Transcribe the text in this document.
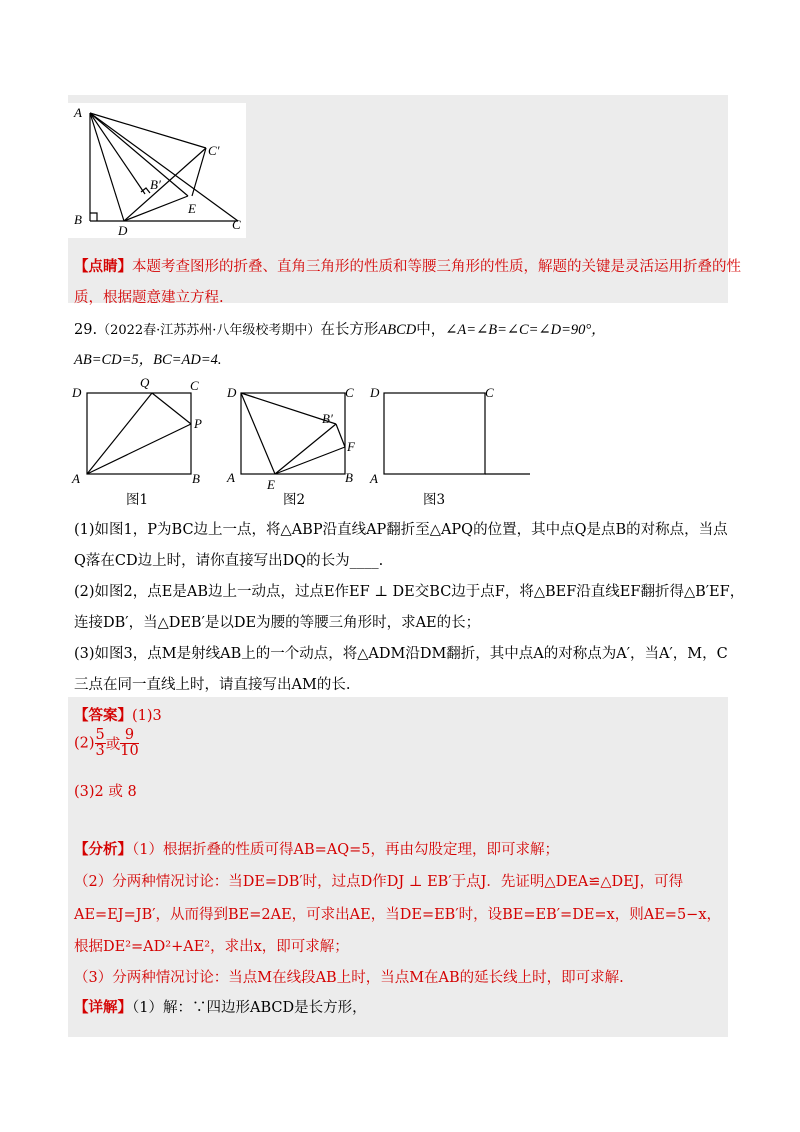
A
B
D
E
C
B′
C′
【点睛】本题考查图形的折叠、直角三角形的性质和等腰三角形的性质，解题的关键是灵活运用折叠的性
质，根据题意建立方程.
29.（2022春·江苏苏州·八年级校考期中）在长方形ABCD中，∠A=∠B=∠C=∠D=90°，
AB=CD=5，BC=AD=4.
D
Q	C
P
A	B
图1
D	C
B′
F
A E	B
图2
D	C
A
图3
(1)如图1，P为BC边上一点，将△ABP沿直线AP翻折至△APQ的位置，其中点Q是点B的对称点，当点
Q落在CD边上时，请你直接写出DQ的长为____.
(2)如图2，点E是AB边上一动点，过点E作EF ⊥ DE交BC边于点F，将△BEF沿直线EF翻折得△B′EF，
连接DB′，当△DEB′是以DE为腰的等腰三角形时，求AE的长；
(3)如图3，点M是射线AB上的一个动点，将△ADM沿DM翻折，其中点A的对称点为A′，当A′，M，C
三点在同一直线上时，请直接写出AM的长.
【答案】(1)3
$(2) \frac{5}{3}$ 或 $\frac{9}{10}$
(3)2 或 8
【分析】（1）根据折叠的性质可得AB=AQ=5，再由勾股定理，即可求解；
（2）分两种情况讨论：当DE=DB′时，过点D作DJ ⊥ EB′于点J．先证明△DEA≌△DEJ，可得
AE=EJ=JB′，从而得到BE=2AE，可求出AE，当DE=EB′时，设BE=EB′=DE=x，则AE=5−x，
根据DE²=AD²+AE²，求出x，即可求解；
（3）分两种情况讨论：当点M在线段AB上时，当点M在AB的延长线上时，即可求解.
【详解】（1）解：∵四边形ABCD是长方形，
